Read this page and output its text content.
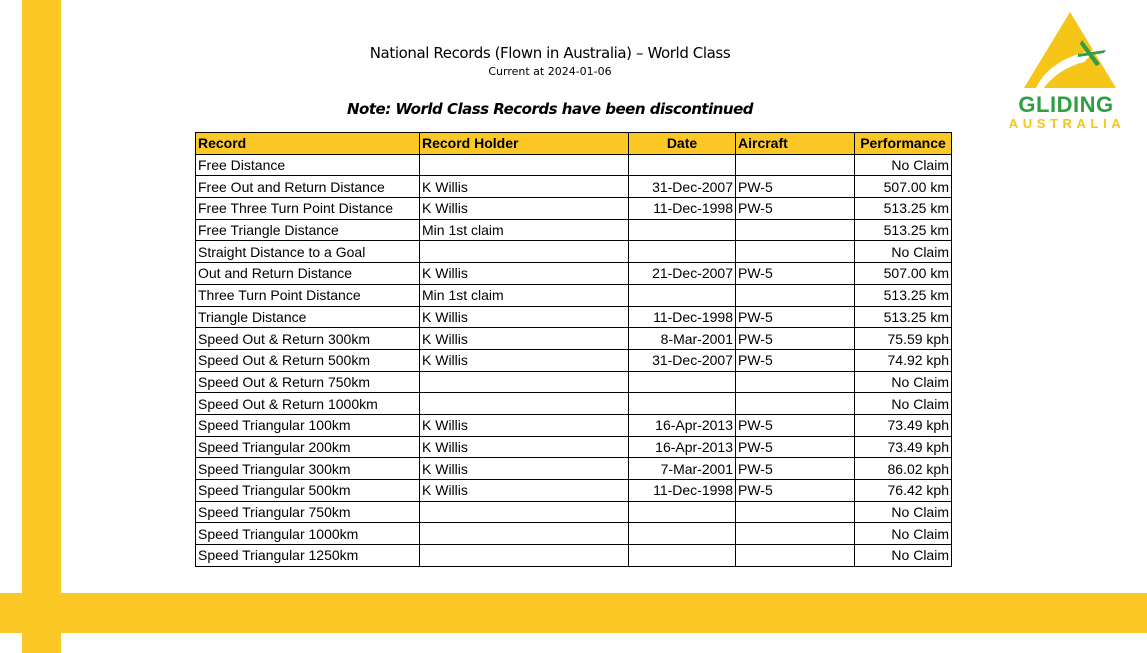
National Records (Flown in Australia) – World Class
Current at 2024-01-06
Note: World Class Records have been discontinued	GLIDING
AUSTRALIA
Record	Record Holder	Date	Aircraft	Performance
Free Distance				No Claim
Free Out and Return Distance	K Willis	31-Dec-2007	PW-5	507.00 km
Free Three Turn Point Distance	K Willis	11-Dec-1998	PW-5	513.25 km
Free Triangle Distance	Min 1st claim			513.25 km
Straight Distance to a Goal				No Claim
Out and Return Distance	K Willis	21-Dec-2007	PW-5	507.00 km
Three Turn Point Distance	Min 1st claim			513.25 km
Triangle Distance	K Willis	11-Dec-1998	PW-5	513.25 km
Speed Out & Return 300km	K Willis	8-Mar-2001	PW-5	75.59 kph
Speed Out & Return 500km	K Willis	31-Dec-2007	PW-5	74.92 kph
Speed Out & Return 750km				No Claim
Speed Out & Return 1000km				No Claim
Speed Triangular 100km	K Willis	16-Apr-2013	PW-5	73.49 kph
Speed Triangular 200km	K Willis	16-Apr-2013	PW-5	73.49 kph
Speed Triangular 300km	K Willis	7-Mar-2001	PW-5	86.02 kph
Speed Triangular 500km	K Willis	11-Dec-1998	PW-5	76.42 kph
Speed Triangular 750km				No Claim
Speed Triangular 1000km				No Claim
Speed Triangular 1250km				No Claim
